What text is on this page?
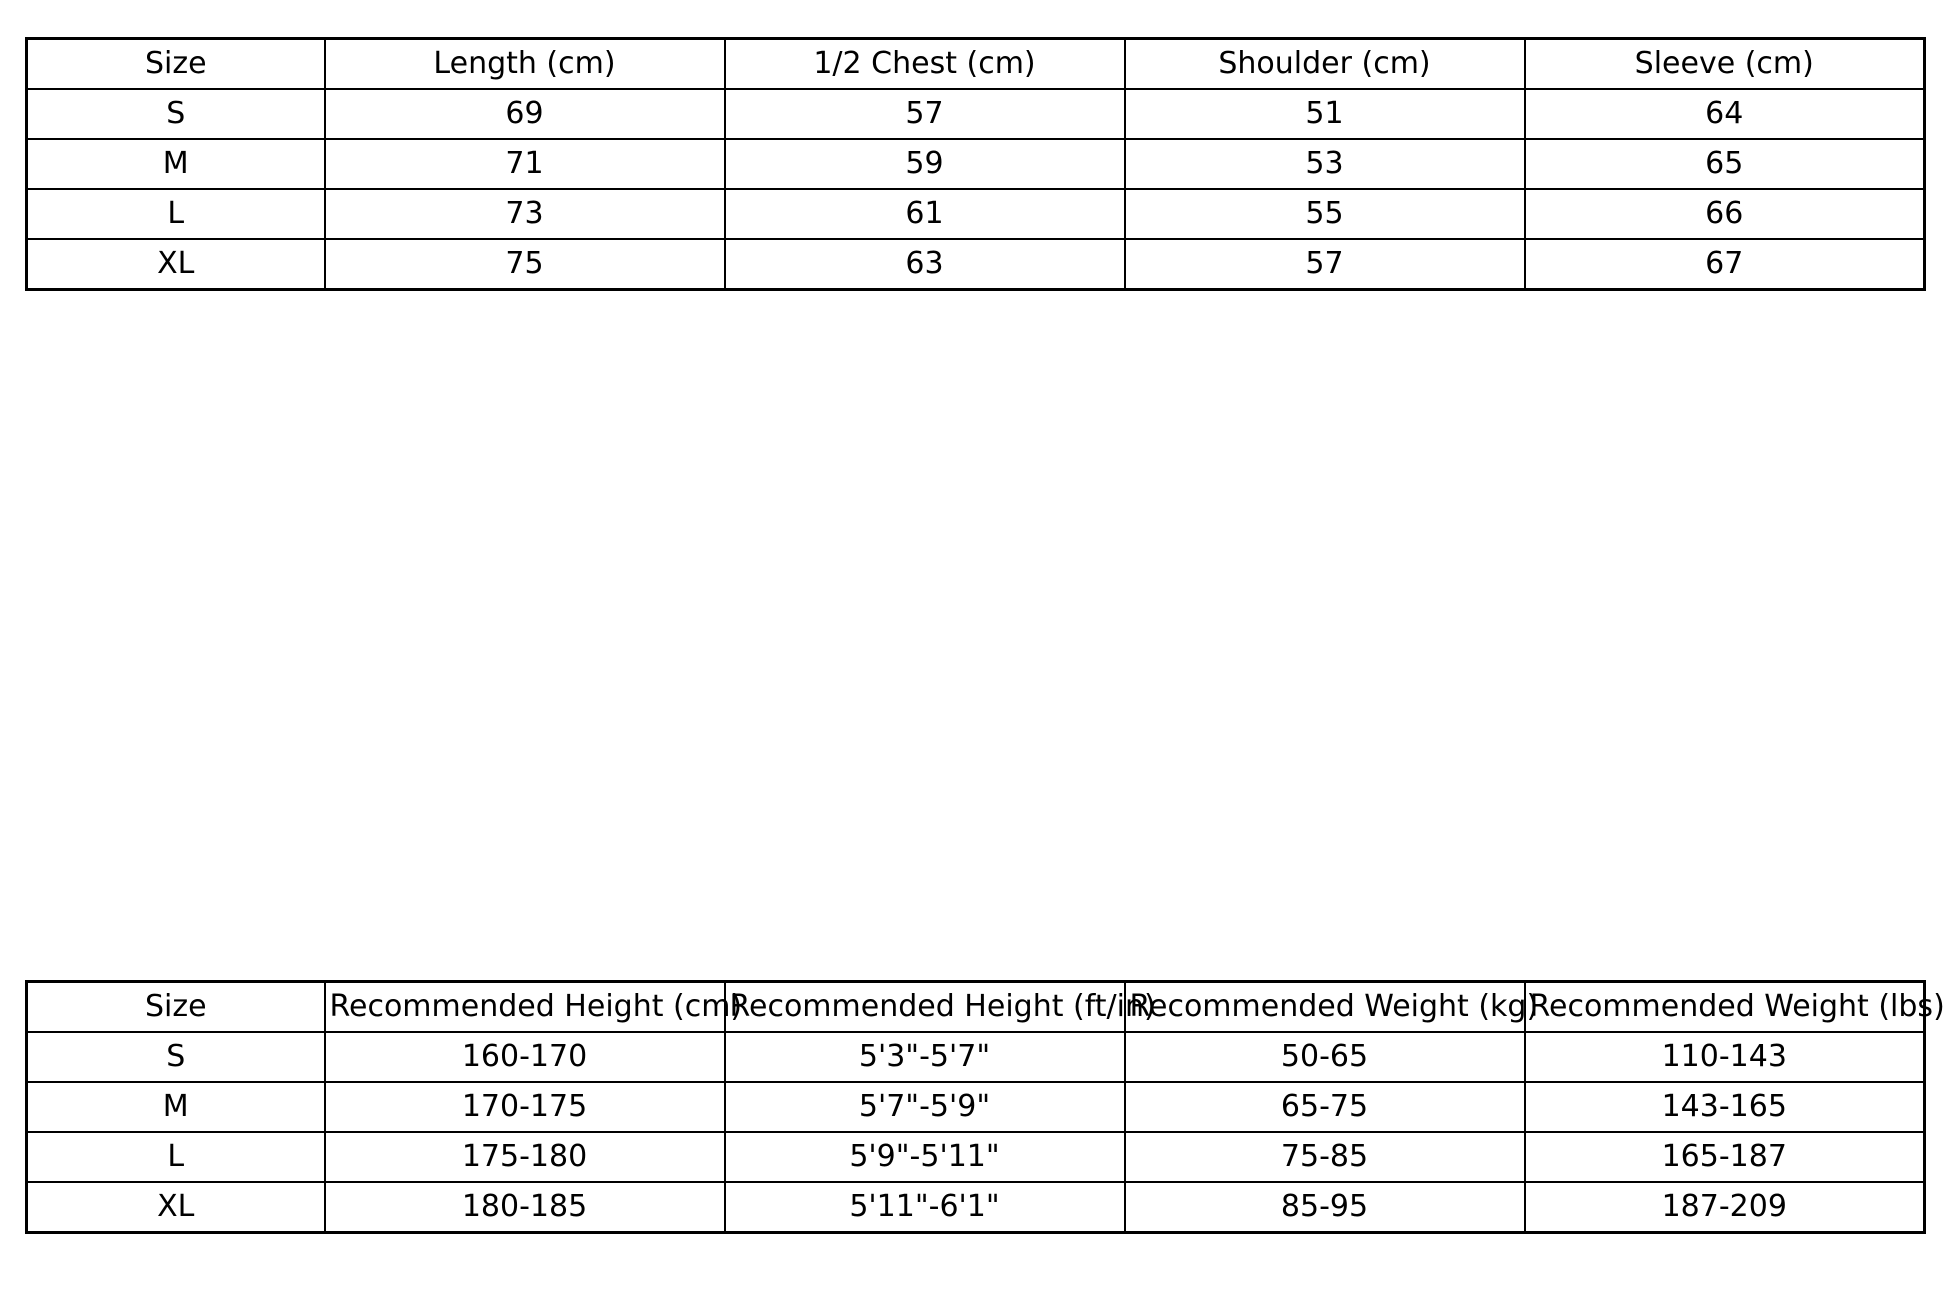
Size	Length (cm)	1/2 Chest (cm)	Shoulder (cm)	Sleeve (cm)
S	69	57	51	64
M	71	59	53	65
L	73	61	55	66
XL	75	63	57	67
Size	Recommended Height (cm)	Recommended Height (ft/in)	Recommended Weight (kg)	Recommended Weight (lbs)
S	160-170	5'3"-5'7"	50-65	110-143
M	170-175	5'7"-5'9"	65-75	143-165
L	175-180	5'9"-5'11"	75-85	165-187
XL	180-185	5'11"-6'1"	85-95	187-209
